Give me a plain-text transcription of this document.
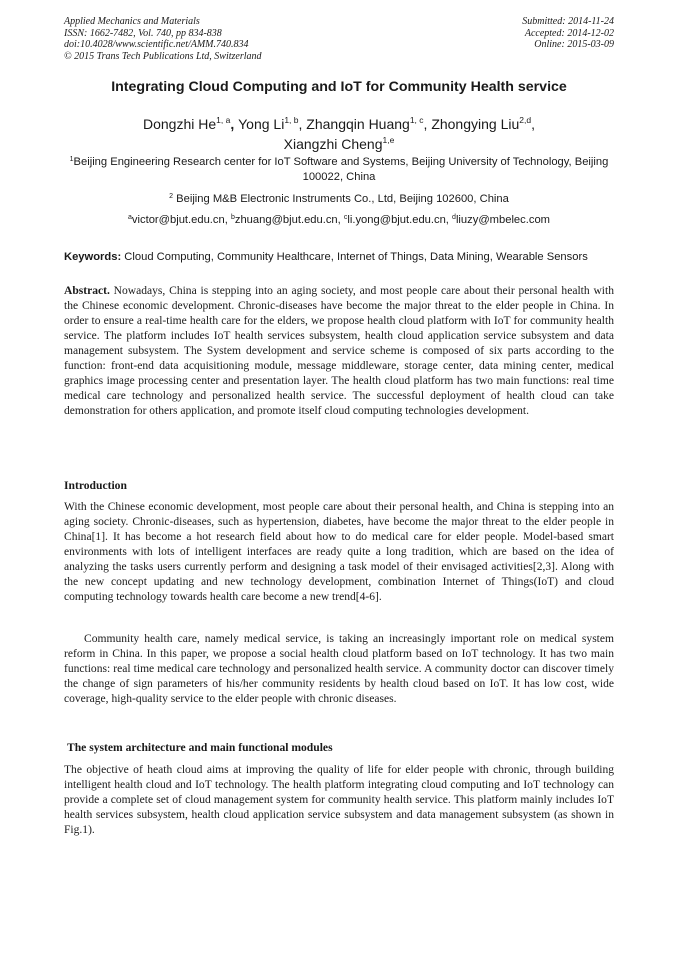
Applied Mechanics and Materials
ISSN: 1662-7482, Vol. 740, pp 834-838
doi:10.4028/www.scientific.net/AMM.740.834
© 2015 Trans Tech Publications Ltd, Switzerland
Submitted: 2014-11-24
Accepted: 2014-12-02
Online: 2015-03-09
Integrating Cloud Computing and IoT for Community Health service
Dongzhi He$^{1, a}$, Yong Li$^{1, b}$, Zhangqin Huang$^{1, c}$, Zhongying Liu$^{2,d}$,
Xiangzhi Cheng$^{1,e}$
$^1$Beijing Engineering Research center for IoT Software and Systems, Beijing University of Technology, Beijing 100022, China
$^2$ Beijing M&B Electronic Instruments Co., Ltd, Beijing 102600, China
$^a$victor@bjut.edu.cn, $^b$zhuang@bjut.edu.cn, $^c$li.yong@bjut.edu.cn, $^d$liuzy@mbelec.com
Keywords: Cloud Computing, Community Healthcare, Internet of Things, Data Mining, Wearable Sensors
Abstract. Nowadays, China is stepping into an aging society, and most people care about their personal health with the Chinese economic development. Chronic-diseases have become the major threat to the elder people in China. In order to ensure a real-time health care for the elders, we propose health cloud platform with IoT for community health service. The platform includes IoT health services subsystem, health cloud application service subsystem and data management subsystem. The System development and service scheme is composed of six parts according to the function: front-end data acquisitioning module, message middleware, storage center, data mining center, medical graphics image processing center and presentation layer. The health cloud platform has two main functions: real time medical care technology and personalized health service. The successful deployment of health cloud can take demonstration for others application, and promote itself cloud computing technologies development.
Introduction
With the Chinese economic development, most people care about their personal health, and China is stepping into an aging society. Chronic-diseases, such as hypertension, diabetes, have become the major threat to the elder people in China[1]. It has become a hot research field about how to do medical care for elder people. Model-based smart environments with lots of intelligent interfaces are ready quite a long tradition, which are based on the idea of analyzing the tasks users currently perform and designing a task model of their envisaged activities[2,3]. Along with the new concept updating and new technology development, combination Internet of Things(IoT) and cloud computing technology towards health care become a new trend[4-6].
Community health care, namely medical service, is taking an increasingly important role on medical system reform in China. In this paper, we propose a social health cloud platform based on IoT technology. It has two main functions: real time medical care technology and personalized health service. A community doctor can discover timely the change of sign parameters of his/her community residents by health cloud based on IoT. It has low cost, wide coverage, high-quality service to the elder people with chronic diseases.
The system architecture and main functional modules
The objective of heath cloud aims at improving the quality of life for elder people with chronic, through building intelligent health cloud and IoT technology. The health platform integrating cloud computing and IoT technology can provide a complete set of cloud management system for community health service. This platform mainly includes IoT health services subsystem, health cloud application service subsystem and data management subsystem (as shown in Fig.1).
